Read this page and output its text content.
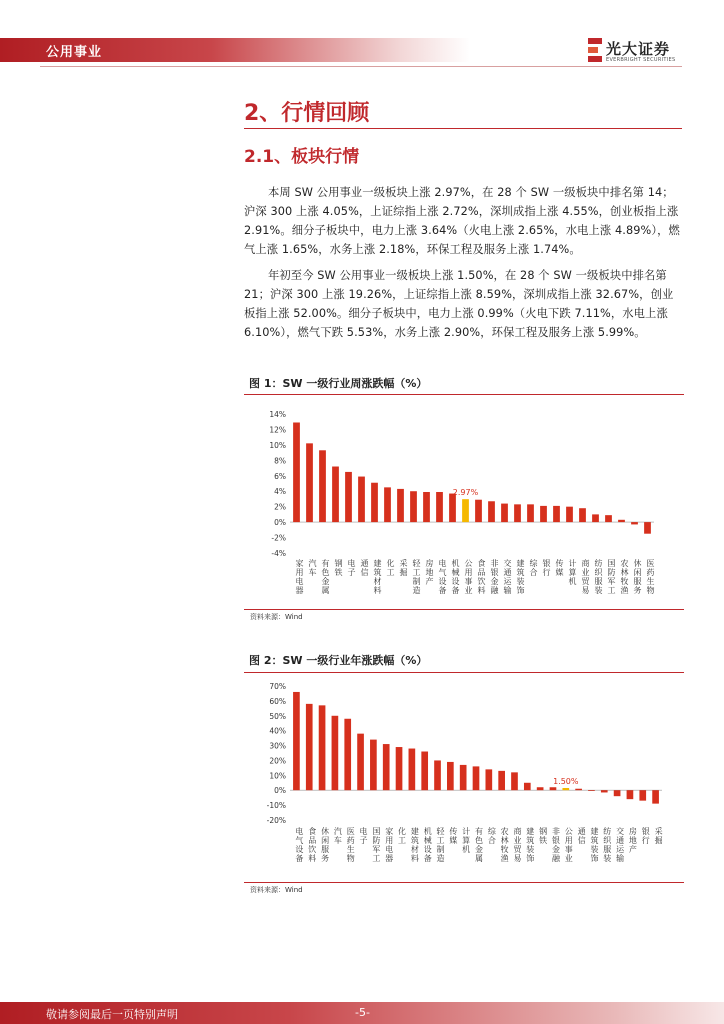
公用事业	光大证券
EVERBRIGHT SECURITIES
2、行情回顾
2.1、板块行情

本周 SW 公用事业一级板块上涨 2.97%，在 28 个 SW 一级板块中排名第 14；沪深 300 上涨 4.05%，上证综指上涨 2.72%，深圳成指上涨 4.55%，创业板指上涨 2.91%。细分子板块中，电力上涨 3.64%（火电上涨 2.65%，水电上涨 4.89%），燃气上涨 1.65%，水务上涨 2.18%，环保工程及服务上涨 1.74%。

年初至今 SW 公用事业一级板块上涨 1.50%，在 28 个 SW 一级板块中排名第 21；沪深 300 上涨 19.26%，上证综指上涨 8.59%，深圳成指上涨 32.67%，创业板指上涨 52.00%。细分子板块中，电力上涨 0.99%（火电下跌 7.11%，水电上涨 6.10%），燃气下跌 5.53%，水务上涨 2.90%，环保工程及服务上涨 5.99%。

图 1：SW 一级行业周涨跌幅（%）
14%
12%
10%
8%
6%
4%
2%
0%
-2%
-4%
家用电器
汽车
有色金属
钢铁
电子
通信
建筑材料
化工
采掘
轻工制造
房地产
电气设备
机械设备
2.97%
公用事业
食品饮料
非银金融
交通运输
建筑装饰
综合
银行
传媒
计算机
商业贸易
纺织服装
国防军工
农林牧渔
休闲服务
医药生物
资料来源：Wind
图 2：SW 一级行业年涨跌幅（%）
70%
60%
50%
40%
30%
20%
10%
0%
-10%
-20%
电气设备
食品饮料
休闲服务
汽车
医药生物
电子
国防军工
家用电器
化工
建筑材料
机械设备
轻工制造
传媒
计算机
有色金属
综合
农林牧渔
商业贸易
建筑装饰
钢铁
非银金融
1.50%
公用事业
通信
建筑装饰
纺织服装
交通运输
房地产
银行
采掘
资料来源：Wind
敬请参阅最后一页特别声明	-5-
